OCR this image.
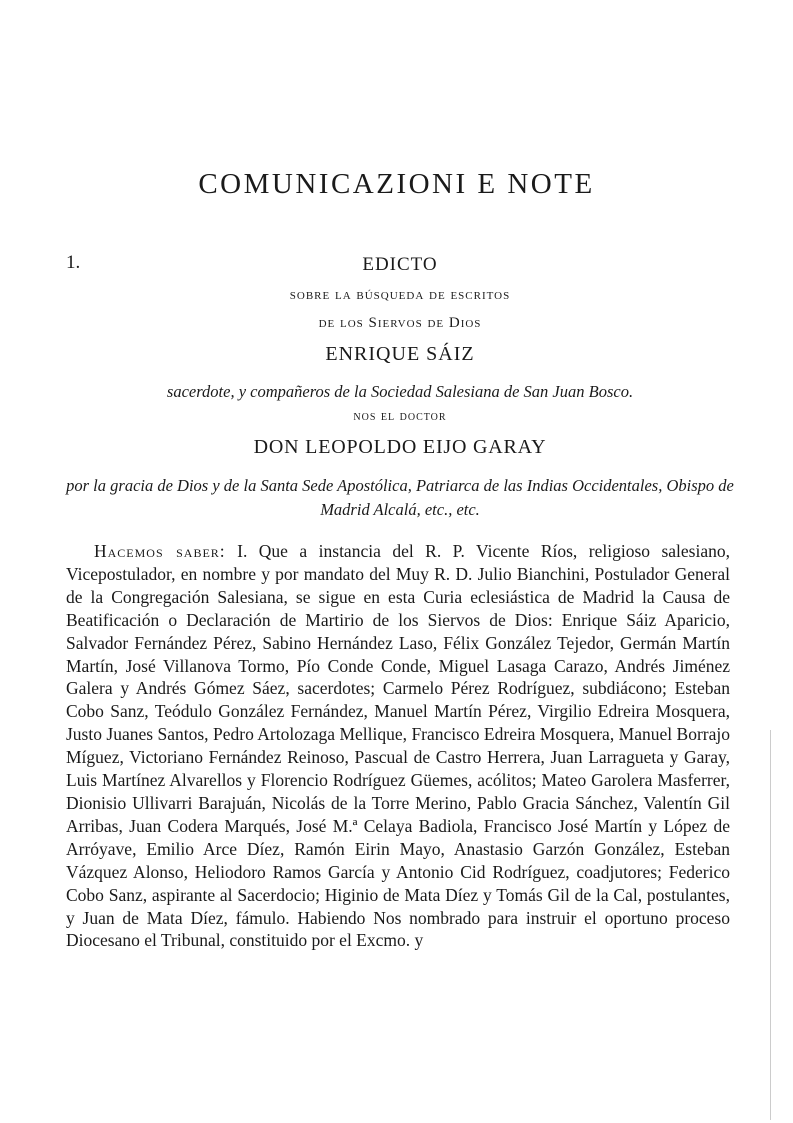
COMUNICAZIONI E NOTE
1.	EDICTO

sobre la búsqueda de escritos

de los Siervos de Dios

ENRIQUE SÁIZ

sacerdote, y compañeros de la Sociedad Salesiana de San Juan Bosco.

nos el doctor

DON LEOPOLDO EIJO GARAY

por la gracia de Dios y de la Santa Sede Apostólica, Patriarca de las Indias Occidentales, Obispo de Madrid Alcalá, etc., etc.

Hacemos saber: I. Que a instancia del R. P. Vicente Ríos, religioso salesiano, Vicepostulador, en nombre y por mandato del Muy R. D. Julio Bianchini, Postulador General de la Congregación Salesiana, se sigue en esta Curia eclesiástica de Madrid la Causa de Beatificación o Declaración de Martirio de los Siervos de Dios: Enrique Sáiz Aparicio, Salvador Fernández Pérez, Sabino Hernández Laso, Félix González Tejedor, Germán Martín Martín, José Villanova Tormo, Pío Conde Conde, Miguel Lasaga Carazo, Andrés Jiménez Galera y Andrés Gómez Sáez, sacerdotes; Carmelo Pérez Rodríguez, subdiácono; Esteban Cobo Sanz, Teódulo González Fernández, Manuel Martín Pérez, Virgilio Edreira Mosquera, Justo Juanes Santos, Pedro Artolozaga Mellique, Francisco Edreira Mosquera, Manuel Borrajo Míguez, Victoriano Fernández Reinoso, Pascual de Castro Herrera, Juan Larragueta y Garay, Luis Martínez Alvarellos y Florencio Rodríguez Güemes, acólitos; Mateo Garolera Masferrer, Dionisio Ullivarri Barajuán, Nicolás de la Torre Merino, Pablo Gracia Sánchez, Valentín Gil Arribas, Juan Codera Marqués, José M.ª Celaya Badiola, Francisco José Martín y López de Arróyave, Emilio Arce Díez, Ramón Eirin Mayo, Anastasio Garzón González, Esteban Vázquez Alonso, Heliodoro Ramos García y Antonio Cid Rodríguez, coadjutores; Federico Cobo Sanz, aspirante al Sacerdocio; Higinio de Mata Díez y Tomás Gil de la Cal, postulantes, y Juan de Mata Díez, fámulo. Habiendo Nos nombrado para instruir el oportuno proceso Diocesano el Tribunal, constituido por el Excmo. y
